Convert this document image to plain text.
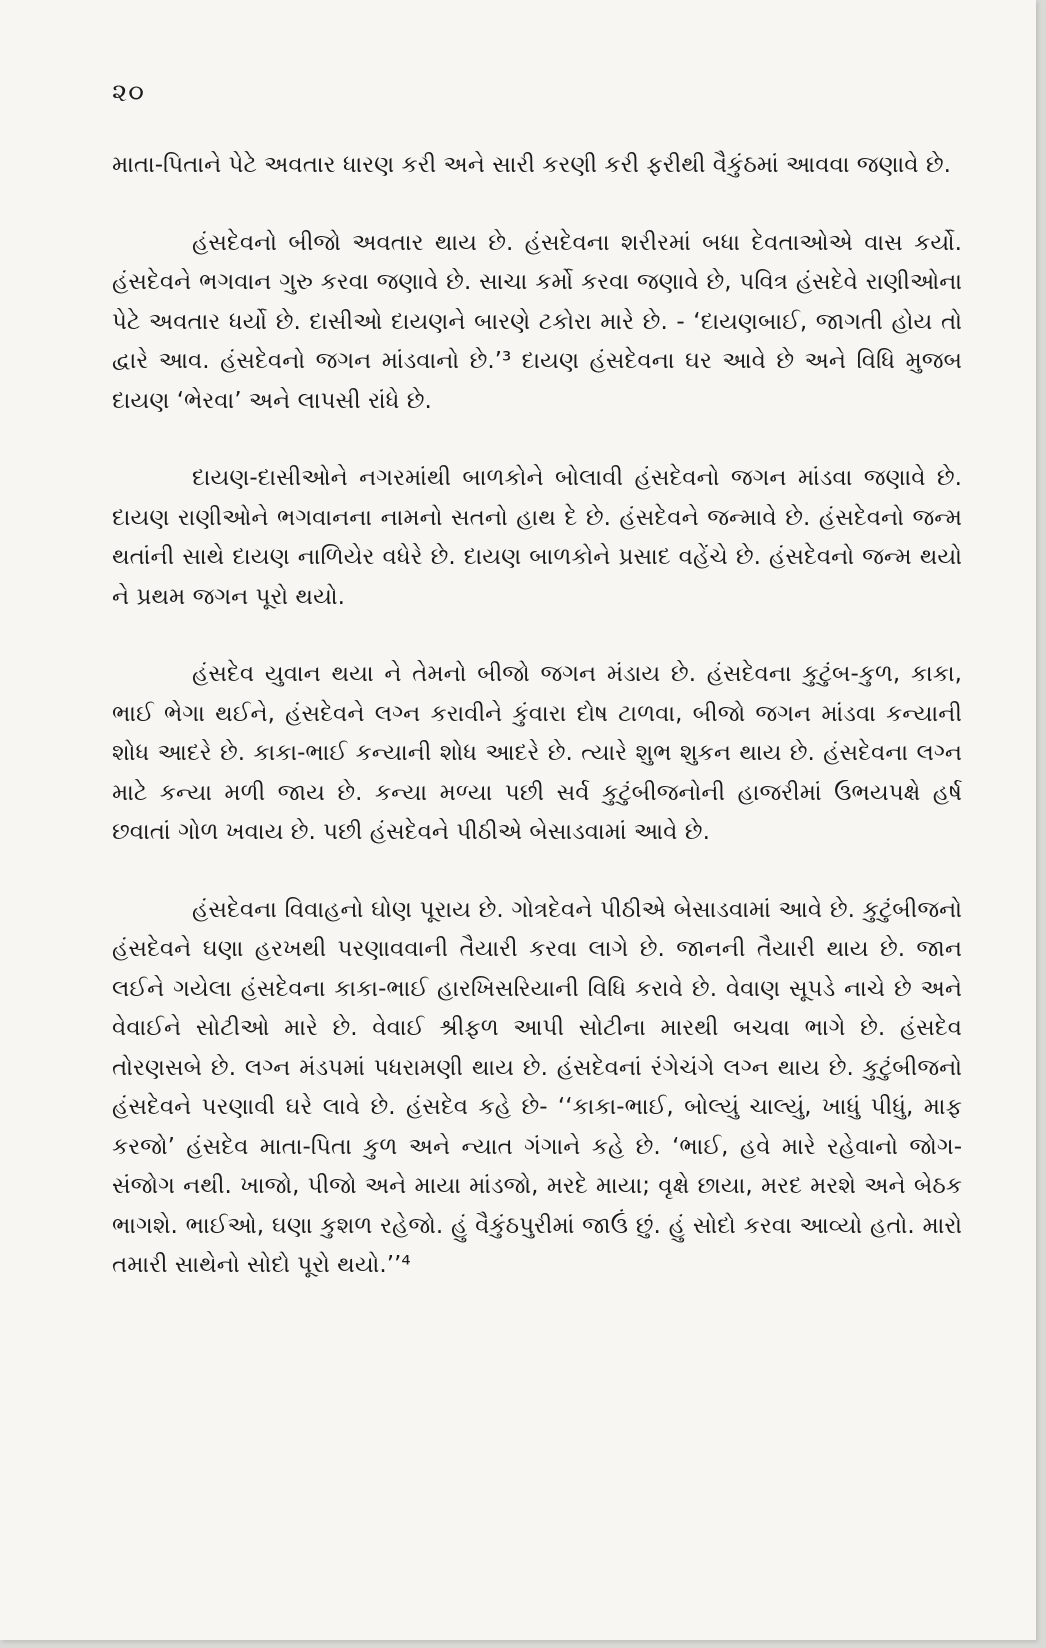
૨૦

માતા-પિતાને પેટે અવતાર ધારણ કરી અને સારી કરણી કરી ફરીથી વૈકુંઠમાં આવવા જણાવે છે.

હંસદેવનો બીજો અવતાર થાય છે. હંસદેવના શરીરમાં બધા દેવતાઓએ વાસ કર્યો. હંસદેવને ભગવાન ગુરુ કરવા જણાવે છે. સાચા કર્મો કરવા જણાવે છે, પવિત્ર હંસદેવે રાણીઓના પેટે અવતાર ધર્યો છે. દાસીઓ દાયણને બારણે ટકોરા મારે છે. - ‘દાયણબાઈ, જાગતી હોય તો દ્વારે આવ. હંસદેવનો જગન માંડવાનો છે.’³ દાયણ હંસદેવના ઘર આવે છે અને વિધિ મુજબ દાયણ ‘ભેરવા’ અને લાપસી રાંધે છે.

દાયણ-દાસીઓને નગરમાંથી બાળકોને બોલાવી હંસદેવનો જગન માંડવા જણાવે છે. દાયણ રાણીઓને ભગવાનના નામનો સતનો હાથ દે છે. હંસદેવને જન્માવે છે. હંસદેવનો જન્મ થતાંની સાથે દાયણ નાળિયેર વધેરે છે. દાયણ બાળકોને પ્રસાદ વહેંચે છે. હંસદેવનો જન્મ થયો ને પ્રથમ જગન પૂરો થયો.

હંસદેવ યુવાન થયા ને તેમનો બીજો જગન મંડાય છે. હંસદેવના કુટુંબ-કુળ, કાકા, ભાઈ ભેગા થઈને, હંસદેવને લગ્ન કરાવીને કુંવારા દોષ ટાળવા, બીજો જગન માંડવા કન્યાની શોધ આદરે છે. કાકા-ભાઈ કન્યાની શોધ આદરે છે. ત્યારે શુભ શુકન થાય છે. હંસદેવના લગ્ન માટે કન્યા મળી જાય છે. કન્યા મળ્યા પછી સર્વ કુટુંબીજનોની હાજરીમાં ઉભયપક્ષે હર્ષ છવાતાં ગોળ ખવાય છે. પછી હંસદેવને પીઠીએ બેસાડવામાં આવે છે.

હંસદેવના વિવાહનો ઘોણ પૂરાય છે. ગોત્રદેવને પીઠીએ બેસાડવામાં આવે છે. કુટુંબીજનો હંસદેવને ઘણા હરખથી પરણાવવાની તૈયારી કરવા લાગે છે. જાનની તૈયારી થાય છે. જાન લઈને ગયેલા હંસદેવના કાકા-ભાઈ હારખિસરિયાની વિધિ કરાવે છે. વેવાણ સૂપડે નાચે છે અને વેવાઈને સોટીઓ મારે છે. વેવાઈ શ્રીફળ આપી સોટીના મારથી બચવા ભાગે છે. હંસદેવ તોરણસબે છે. લગ્ન મંડપમાં પધરામણી થાય છે. હંસદેવનાં રંગેચંગે લગ્ન થાય છે. કુટુંબીજનો હંસદેવને પરણાવી ઘરે લાવે છે. હંસદેવ કહે છે- ‘‘કાકા-ભાઈ, બોલ્યું ચાલ્યું, ખાધું પીધું, માફ કરજો’ હંસદેવ માતા-પિતા કુળ અને ન્યાત ગંગાને કહે છે. ‘ભાઈ, હવે મારે રહેવાનો જોગ-સંજોગ નથી. ખાજો, પીજો અને માયા માંડજો, મરદે માયા; વૃક્ષે છાયા, મરદ મરશે અને બેઠક ભાગશે. ભાઈઓ, ઘણા કુશળ રહેજો. હું વૈકુંઠપુરીમાં જાઉં છું. હું સોદો કરવા આવ્યો હતો. મારો તમારી સાથેનો સોદો પૂરો થયો.’’⁴
